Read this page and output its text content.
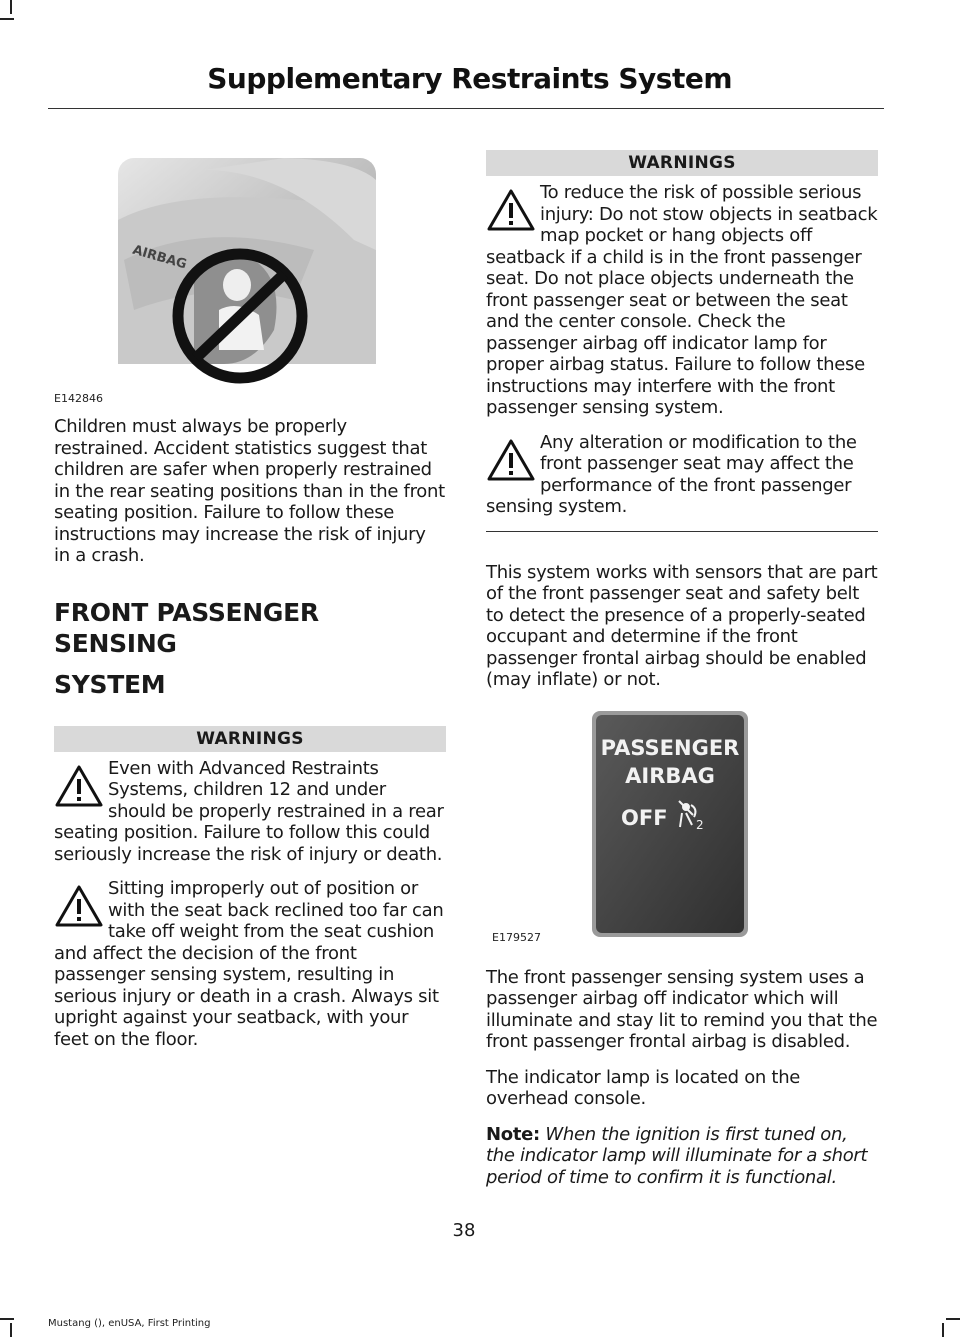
Supplementary Restraints System
AIRBAG
E142846

Children must always be properly restrained. Accident statistics suggest that children are safer when properly restrained in the rear seating positions than in the front seating position. Failure to follow these instructions may increase the risk of injury in a crash.

FRONT PASSENGER SENSING
SYSTEM
WARNINGS
Even with Advanced Restraints Systems, children 12 and under should be properly restrained in a rear seating position. Failure to follow this could seriously increase the risk of injury or death.
Sitting improperly out of position or with the seat back reclined too far can take off weight from the seat cushion and affect the decision of the front passenger sensing system, resulting in serious injury or death in a crash. Always sit upright against your seatback, with your feet on the floor.
WARNINGS
To reduce the risk of possible serious injury: Do not stow objects in seatback map pocket or hang objects off seatback if a child is in the front passenger seat. Do not place objects underneath the front passenger seat or between the seat and the center console. Check the passenger airbag off indicator lamp for proper airbag status. Failure to follow these instructions may interfere with the front passenger sensing system.
Any alteration or modification to the front passenger seat may affect the performance of the front passenger sensing system.

This system works with sensors that are part of the front passenger seat and safety belt to detect the presence of a properly-seated occupant and determine if the front passenger frontal airbag should be enabled (may inflate) or not.

PASSENGER
AIRBAG
OFF 2
E179527

The front passenger sensing system uses a passenger airbag off indicator which will illuminate and stay lit to remind you that the front passenger frontal airbag is disabled.

The indicator lamp is located on the overhead console.

Note: When the ignition is first tuned on, the indicator lamp will illuminate for a short period of time to confirm it is functional.

38
Mustang (), enUSA, First Printing
